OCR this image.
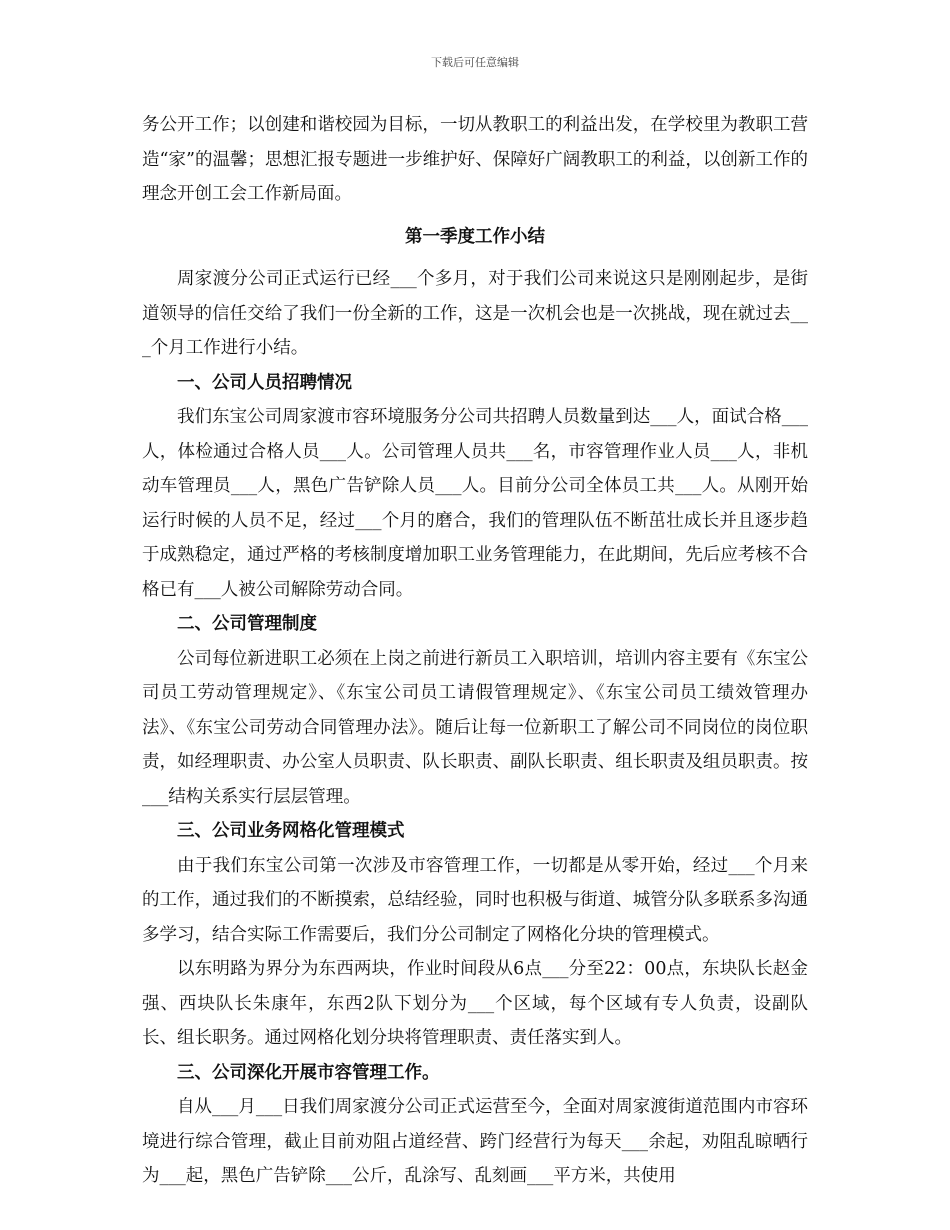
下载后可任意编辑

务公开工作；以创建和谐校园为目标，一切从教职工的利益出发，在学校里为教职工营造“家”的温馨；思想汇报专题进一步维护好、保障好广阔教职工的利益，以创新工作的理念开创工会工作新局面。

第一季度工作小结

周家渡分公司正式运行已经___个多月，对于我们公司来说这只是刚刚起步，是街道领导的信任交给了我们一份全新的工作，这是一次机会也是一次挑战，现在就过去___个月工作进行小结。

一、公司人员招聘情况

我们东宝公司周家渡市容环境服务分公司共招聘人员数量到达___人，面试合格___人，体检通过合格人员___人。公司管理人员共___名，市容管理作业人员___人，非机动车管理员___人，黑色广告铲除人员___人。目前分公司全体员工共___人。从刚开始运行时候的人员不足，经过___个月的磨合，我们的管理队伍不断茁壮成长并且逐步趋于成熟稳定，通过严格的考核制度增加职工业务管理能力，在此期间，先后应考核不合格已有___人被公司解除劳动合同。

二、公司管理制度

公司每位新进职工必须在上岗之前进行新员工入职培训，培训内容主要有《东宝公司员工劳动管理规定》、《东宝公司员工请假管理规定》、《东宝公司员工绩效管理办法》、《东宝公司劳动合同管理办法》。随后让每一位新职工了解公司不同岗位的岗位职责，如经理职责、办公室人员职责、队长职责、副队长职责、组长职责及组员职责。按___结构关系实行层层管理。

三、公司业务网格化管理模式

由于我们东宝公司第一次涉及市容管理工作，一切都是从零开始，经过___个月来的工作，通过我们的不断摸索，总结经验，同时也积极与街道、城管分队多联系多沟通多学习，结合实际工作需要后，我们分公司制定了网格化分块的管理模式。

以东明路为界分为东西两块，作业时间段从6点___分至22：00点，东块队长赵金强、西块队长朱康年，东西2队下划分为___个区域，每个区域有专人负责，设副队长、组长职务。通过网格化划分块将管理职责、责任落实到人。

三、公司深化开展市容管理工作。

自从___月___日我们周家渡分公司正式运营至今，全面对周家渡街道范围内市容环境进行综合管理，截止目前劝阻占道经营、跨门经营行为每天___余起，劝阻乱晾晒行为___起，黑色广告铲除___公斤，乱涂写、乱刻画___平方米，共使用
